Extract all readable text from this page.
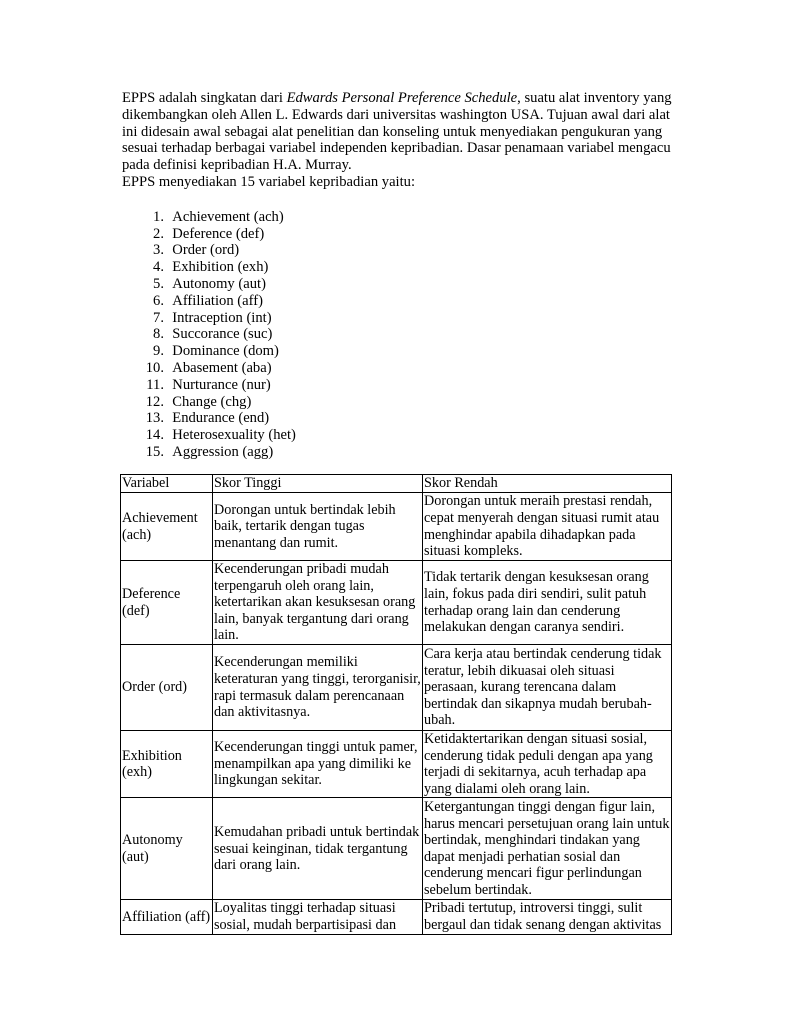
EPPS adalah singkatan dari Edwards Personal Preference Schedule, suatu alat inventory yang dikembangkan oleh Allen L. Edwards dari universitas washington USA. Tujuan awal dari alat ini didesain awal sebagai alat penelitian dan konseling untuk menyediakan pengukuran yang sesuai terhadap berbagai variabel independen kepribadian. Dasar penamaan variabel mengacu pada definisi kepribadian H.A. Murray.

EPPS menyediakan 15 variabel kepribadian yaitu:

1.
Achievement (ach)
2.
Deference (def)
3.
Order (ord)
4.
Exhibition (exh)
5.
Autonomy (aut)
6.
Affiliation (aff)
7.
Intraception (int)
8.
Succorance (suc)
9.
Dominance (dom)
10.
Abasement (aba)
11.
Nurturance (nur)
12.
Change (chg)
13.
Endurance (end)
14.
Heterosexuality (het)
15.
Aggression (agg)
Variabel	Skor Tinggi	Skor Rendah
Achievement (ach)	Dorongan untuk bertindak lebih baik, tertarik dengan tugas menantang dan rumit.	Dorongan untuk meraih prestasi rendah, cepat menyerah dengan situasi rumit atau menghindar apabila dihadapkan pada situasi kompleks.
Deference (def)	Kecenderungan pribadi mudah terpengaruh oleh orang lain, ketertarikan akan kesuksesan orang lain, banyak tergantung dari orang lain.	Tidak tertarik dengan kesuksesan orang lain, fokus pada diri sendiri, sulit patuh terhadap orang lain dan cenderung melakukan dengan caranya sendiri.
Order (ord)	Kecenderungan memiliki keteraturan yang tinggi, terorganisir, rapi termasuk dalam perencanaan dan aktivitasnya.	Cara kerja atau bertindak cenderung tidak teratur, lebih dikuasai oleh situasi perasaan, kurang terencana dalam bertindak dan sikapnya mudah berubah-ubah.
Exhibition (exh)	Kecenderungan tinggi untuk pamer, menampilkan apa yang dimiliki ke lingkungan sekitar.	Ketidaktertarikan dengan situasi sosial, cenderung tidak peduli dengan apa yang terjadi di sekitarnya, acuh terhadap apa yang dialami oleh orang lain.
Autonomy (aut)	Kemudahan pribadi untuk bertindak sesuai keinginan, tidak tergantung dari orang lain.	Ketergantungan tinggi dengan figur lain, harus mencari persetujuan orang lain untuk bertindak, menghindari tindakan yang dapat menjadi perhatian sosial dan cenderung mencari figur perlindungan sebelum bertindak.
Affiliation (aff)	Loyalitas tinggi terhadap situasi sosial, mudah berpartisipasi dan	Pribadi tertutup, introversi tinggi, sulit bergaul dan tidak senang dengan aktivitas
